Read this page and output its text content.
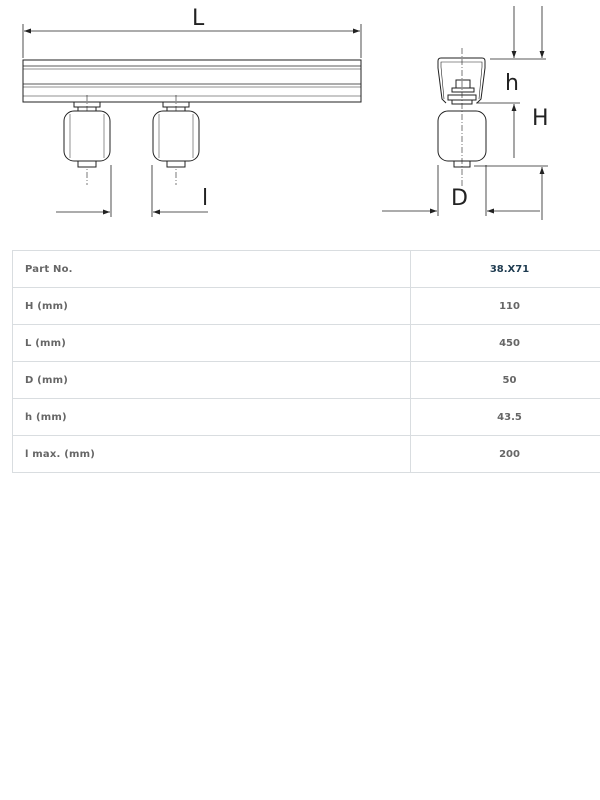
L
l
h
H
D
Part No.	38.X71
H (mm)	110
L (mm)	450
D (mm)	50
h (mm)	43.5
l max. (mm)	200
